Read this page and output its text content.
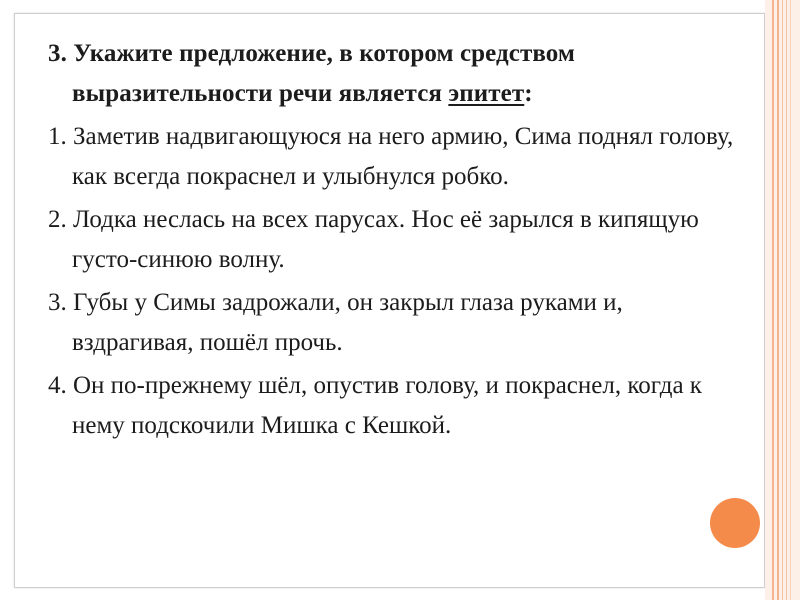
3. Укажите предложение, в котором средством выразительности речи является эпитет:
1. Заметив надвигающуюся на него армию, Сима поднял голову, как всегда покраснел и улыбнулся робко.
2. Лодка неслась на всех парусах. Нос её зарылся в кипящую густо-синюю волну.
3. Губы у Симы задрожали, он закрыл глаза руками и, вздрагивая, пошёл прочь.
4. Он по-прежнему шёл, опустив голову, и покраснел, когда к нему подскочили Мишка с Кешкой.
